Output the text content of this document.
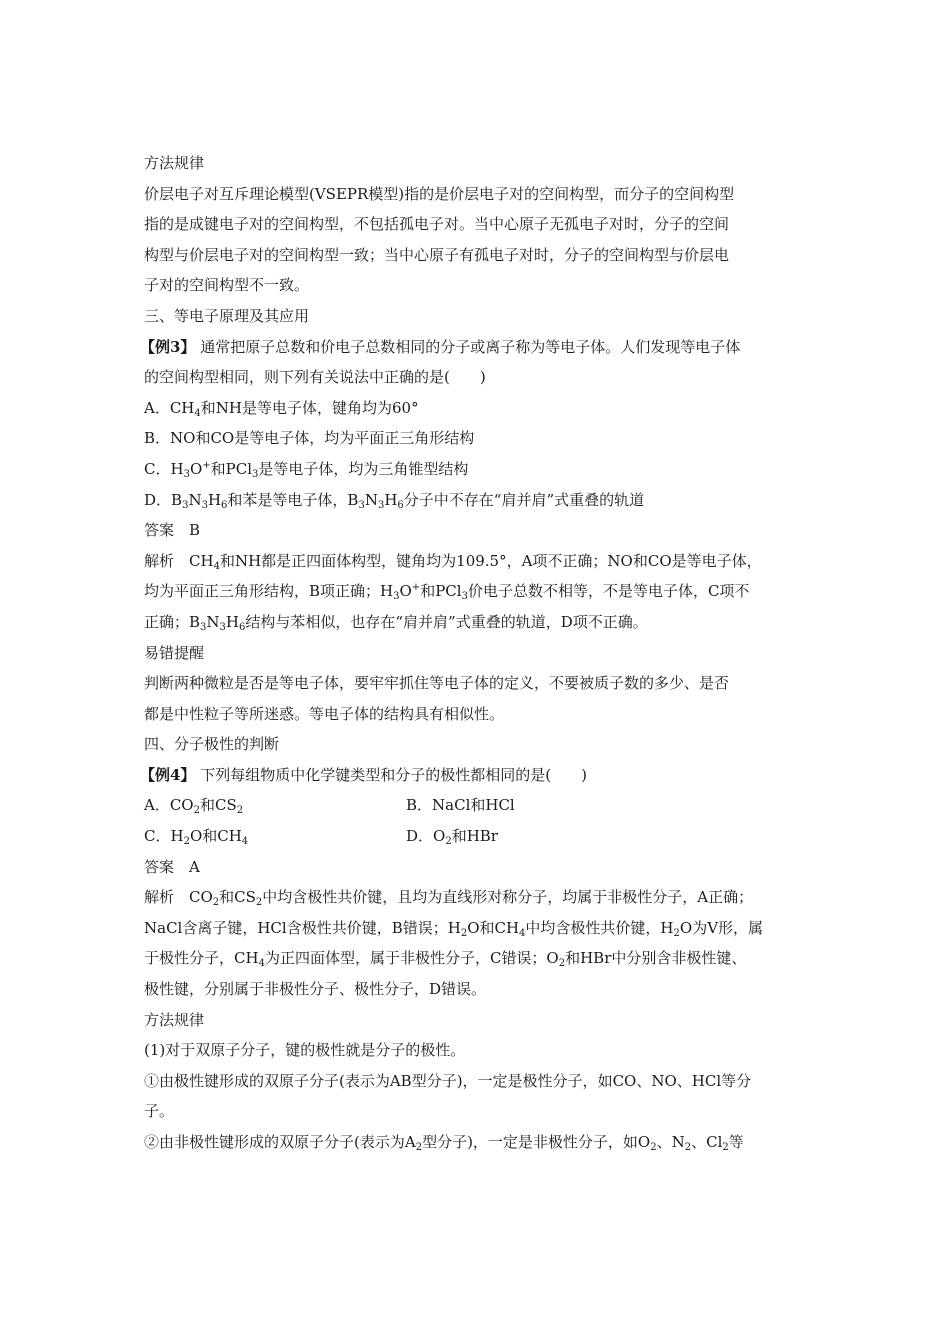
方法规律

价层电子对互斥理论模型(VSEPR模型)指的是价层电子对的空间构型，而分子的空间构型

指的是成键电子对的空间构型，不包括孤电子对。当中心原子无孤电子对时，分子的空间

构型与价层电子对的空间构型一致；当中心原子有孤电子对时，分子的空间构型与价层电

子对的空间构型不一致。

三、等电子原理及其应用

【例3】 通常把原子总数和价电子总数相同的分子或离子称为等电子体。人们发现等电子体

的空间构型相同，则下列有关说法中正确的是(　　)

A．$CH_4$和NH是等电子体，键角均为60°

B．NO和CO是等电子体，均为平面正三角形结构

C．$H_3O^+$和PCl$_3$是等电子体，均为三角锥型结构

D．$B_3N_3H_6$和苯是等电子体，$B_3N_3H_6$分子中不存在“肩并肩”式重叠的轨道

答案　B

解析　$CH_4$和NH都是正四面体构型，键角均为109.5°，A项不正确；NO和CO是等电子体，

均为平面正三角形结构，B项正确；$H_3O^+$和PCl$_3$价电子总数不相等，不是等电子体，C项不

正确；$B_3N_3H_6$结构与苯相似，也存在“肩并肩”式重叠的轨道，D项不正确。

易错提醒

判断两种微粒是否是等电子体，要牢牢抓住等电子体的定义，不要被质子数的多少、是否

都是中性粒子等所迷惑。等电子体的结构具有相似性。

四、分子极性的判断

【例4】 下列每组物质中化学键类型和分子的极性都相同的是(　　)

A．$CO_2$和$CS_2$	B．NaCl和HCl

C．$H_2O$和$CH_4$	D．$O_2$和HBr

答案　A

解析　$CO_2$和$CS_2$中均含极性共价键，且均为直线形对称分子，均属于非极性分子，A正确；

NaCl含离子键，HCl含极性共价键，B错误；$H_2O$和$CH_4$中均含极性共价键，$H_2O$为V形，属

于极性分子，$CH_4$为正四面体型，属于非极性分子，C错误；$O_2$和HBr中分别含非极性键、

极性键，分别属于非极性分子、极性分子，D错误。

方法规律

(1)对于双原子分子，键的极性就是分子的极性。

①由极性键形成的双原子分子(表示为AB型分子)，一定是极性分子，如CO、NO、HCl等分

子。

②由非极性键形成的双原子分子(表示为$A_2$型分子)，一定是非极性分子，如$O_2$、$N_2$、$Cl_2$等
